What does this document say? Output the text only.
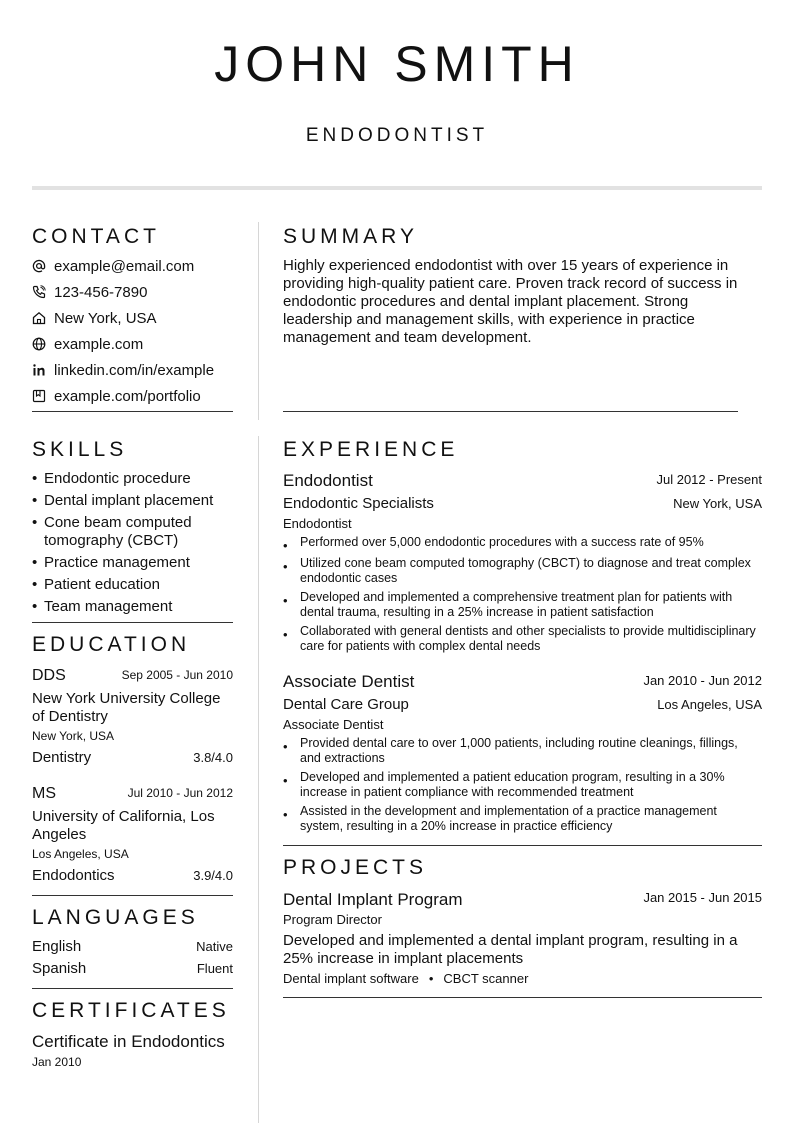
JOHN SMITH
ENDODONTIST
CONTACT
example@email.com
123-456-7890
New York, USA
example.com
linkedin.com/in/example
example.com/portfolio
SKILLS
• Endodontic procedure
• Dental implant placement
• Cone beam computed tomography (CBCT)
• Practice management
• Patient education
• Team management
EDUCATION
DDS	Sep 2005 - Jun 2010
New York University College of Dentistry
New York, USA
Dentistry	3.8/4.0
MS	Jul 2010 - Jun 2012
University of California, Los Angeles
Los Angeles, USA
Endodontics	3.9/4.0
LANGUAGES
English	Native
Spanish	Fluent
CERTIFICATES
Certificate in Endodontics
Jan 2010
SUMMARY
Highly experienced endodontist with over 15 years of experience in providing high-quality patient care. Proven track record of success in endodontic procedures and dental implant placement. Strong leadership and management skills, with experience in practice management and team development.
EXPERIENCE
Endodontist	Jul 2012 - Present
Endodontic Specialists	New York, USA
Endodontist
• Performed over 5,000 endodontic procedures with a success rate of 95%
• Utilized cone beam computed tomography (CBCT) to diagnose and treat complex endodontic cases
• Developed and implemented a comprehensive treatment plan for patients with dental trauma, resulting in a 25% increase in patient satisfaction
• Collaborated with general dentists and other specialists to provide multidisciplinary care for patients with complex dental needs
Associate Dentist	Jan 2010 - Jun 2012
Dental Care Group	Los Angeles, USA
Associate Dentist
• Provided dental care to over 1,000 patients, including routine cleanings, fillings, and extractions
• Developed and implemented a patient education program, resulting in a 30% increase in patient compliance with recommended treatment
• Assisted in the development and implementation of a practice management system, resulting in a 20% increase in practice efficiency
PROJECTS
Dental Implant Program	Jan 2015 - Jun 2015
Program Director
Developed and implemented a dental implant program, resulting in a 25% increase in implant placements
Dental implant software • CBCT scanner
